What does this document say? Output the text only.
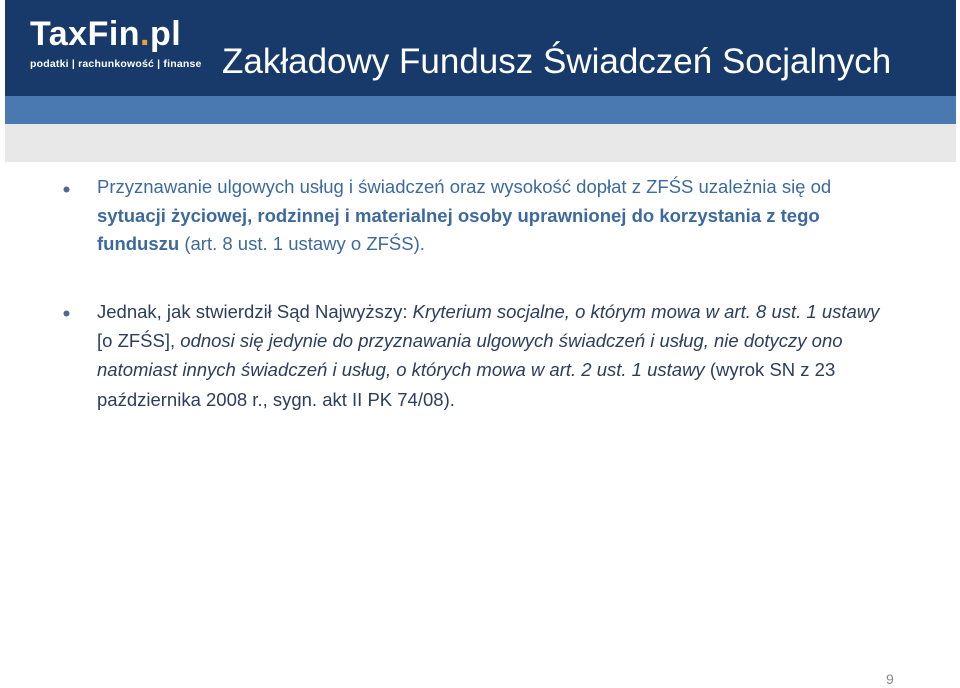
TaxFin.pl
podatki | rachunkowość | finanse Zakładowy Fundusz Świadczeń Socjalnych
Przyznawanie ulgowych usług i świadczeń oraz wysokość dopłat z ZFŚS uzależnia się od sytuacji życiowej, rodzinnej i materialnej osoby uprawnionej do korzystania z tego funduszu (art. 8 ust. 1 ustawy o ZFŚS).
Jednak, jak stwierdził Sąd Najwyższy: Kryterium socjalne, o którym mowa w art. 8 ust. 1 ustawy [o ZFŚS], odnosi się jedynie do przyznawania ulgowych świadczeń i usług, nie dotyczy ono natomiast innych świadczeń i usług, o których mowa w art. 2 ust. 1 ustawy (wyrok SN z 23 października 2008 r., sygn. akt II PK 74/08).
9
